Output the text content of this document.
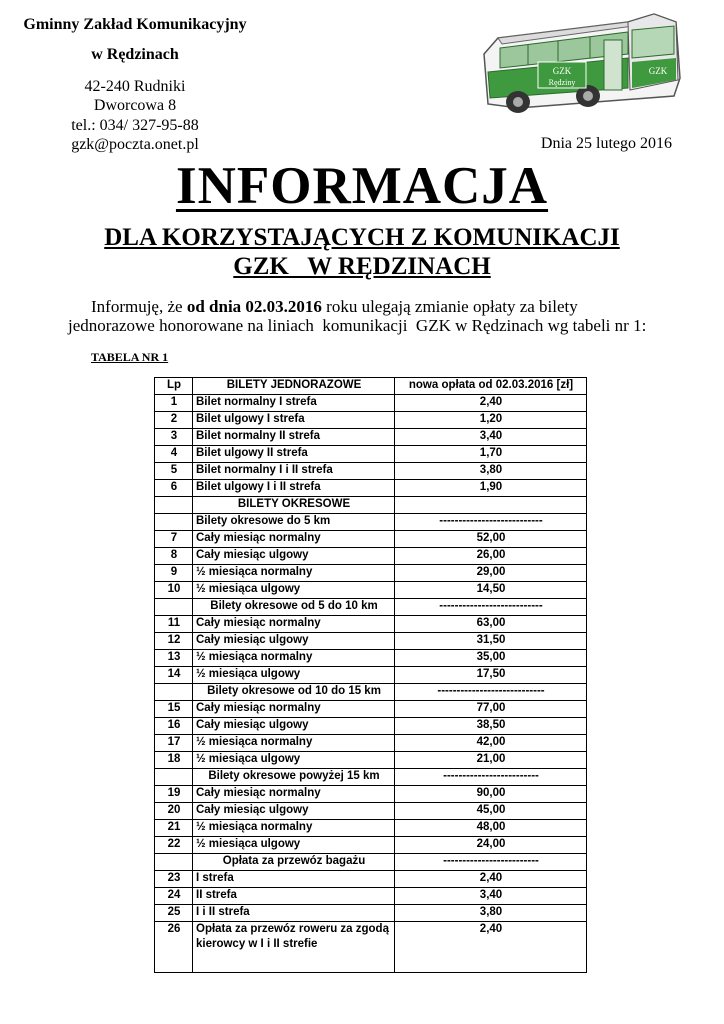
Gminny Zakład Komunikacyjny
w Rędzinach
42-240 Rudniki
Dworcowa 8
tel.: 034/ 327-95-88
gzk@poczta.onet.pl	Dnia 25 lutego 2016
GZK
Rędziny
GZK
INFORMACJA
DLA KORZYSTAJĄCYCH Z KOMUNIKACJI
GZK   W RĘDZINACH
Informuję, że od dnia 02.03.2016 roku ulegają zmianie opłaty za bilety
jednorazowe honorowane na liniach  komunikacji  GZK w Rędzinach wg tabeli nr 1:
TABELA NR 1
Lp	BILETY JEDNORAZOWE	nowa opłata od 02.03.2016 [zł]
1	Bilet normalny I strefa	2,40
2	Bilet ulgowy I strefa	1,20
3	Bilet normalny II strefa	3,40
4	Bilet ulgowy II strefa	1,70
5	Bilet normalny I i II strefa	3,80
6	Bilet ulgowy I i II strefa	1,90
	BILETY OKRESOWE	
	Bilety okresowe do 5 km	---------------------------
7	Cały miesiąc normalny	52,00
8	Cały miesiąc ulgowy	26,00
9	½ miesiąca normalny	29,00
10	½ miesiąca ulgowy	14,50
	Bilety okresowe od 5 do 10 km	---------------------------
11	Cały miesiąc normalny	63,00
12	Cały miesiąc ulgowy	31,50
13	½ miesiąca normalny	35,00
14	½ miesiąca ulgowy	17,50
	Bilety okresowe od 10 do 15 km	----------------------------
15	Cały miesiąc normalny	77,00
16	Cały miesiąc ulgowy	38,50
17	½ miesiąca normalny	42,00
18	½ miesiąca ulgowy	21,00
	Bilety okresowe powyżej 15 km	-------------------------
19	Cały miesiąc normalny	90,00
20	Cały miesiąc ulgowy	45,00
21	½ miesiąca normalny	48,00
22	½ miesiąca ulgowy	24,00
	Opłata za przewóz bagażu	-------------------------
23	I strefa	2,40
24	II strefa	3,40
25	I i II strefa	3,80
26	Opłata za przewóz roweru za zgodą
kierowcy w I i II strefie	2,40
